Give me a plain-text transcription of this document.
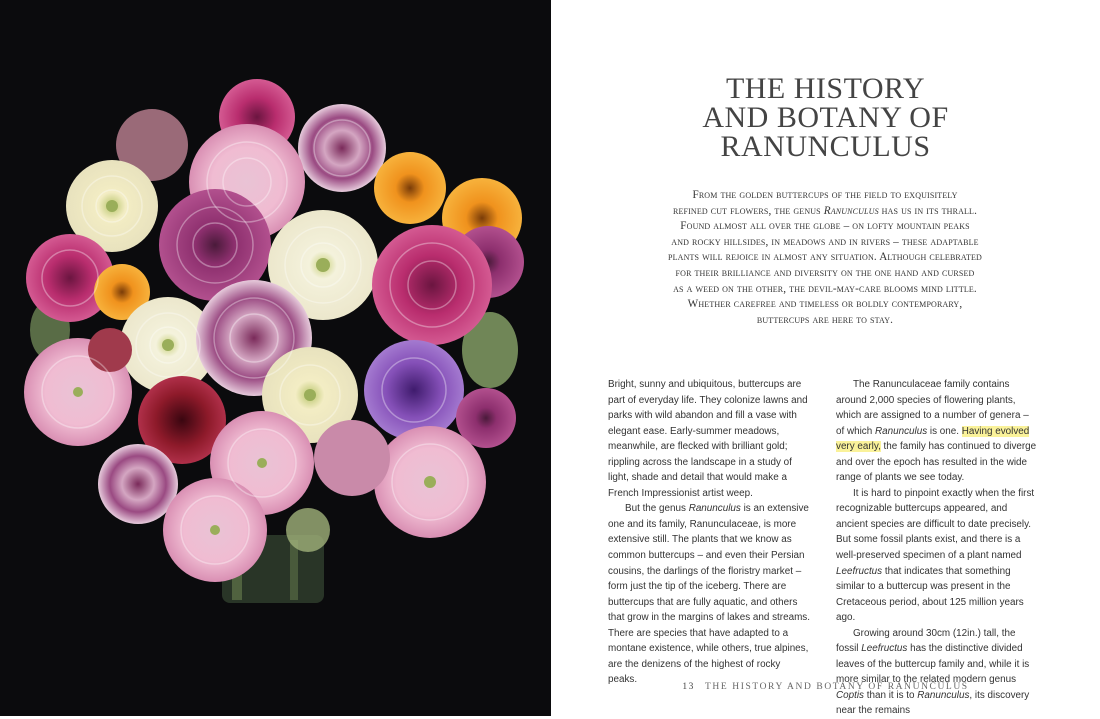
THE HISTORY
AND BOTANY OF
RANUNCULUS
From the golden buttercups of the field to exquisitely
refined cut flowers, the genus Ranunculus has us in its thrall.
Found almost all over the globe – on lofty mountain peaks
and rocky hillsides, in meadows and in rivers – these adaptable
plants will rejoice in almost any situation. Although celebrated
for their brilliance and diversity on the one hand and cursed
as a weed on the other, the devil-may-care blooms mind little.
Whether carefree and timeless or boldly contemporary,
buttercups are here to stay.

Bright, sunny and ubiquitous, buttercups are part of everyday life. They colonize lawns and parks with wild abandon and fill a vase with elegant ease. Early-summer meadows, meanwhile, are flecked with brilliant gold; rippling across the landscape in a study of light, shade and detail that would make a French Impressionist artist weep.

But the genus Ranunculus is an extensive one and its family, Ranunculaceae, is more extensive still. The plants that we know as common buttercups – and even their Persian cousins, the darlings of the floristry market – form just the tip of the iceberg. There are buttercups that are fully aquatic, and others that grow in the margins of lakes and streams. There are species that have adapted to a montane existence, while others, true alpines, are the denizens of the highest of rocky peaks.

The Ranunculaceae family contains around 2,000 species of flowering plants, which are assigned to a number of genera – of which Ranunculus is one. Having evolved very early, the family has continued to diverge and over the epoch has resulted in the wide range of plants we see today.

It is hard to pinpoint exactly when the first recognizable buttercups appeared, and ancient species are difficult to date precisely. But some fossil plants exist, and there is a well-preserved specimen of a plant named Leefructus that indicates that something similar to a buttercup was present in the Cretaceous period, about 125 million years ago.

Growing around 30cm (12in.) tall, the fossil Leefructus has the distinctive divided leaves of the buttercup family and, while it is more similar to the related modern genus Coptis than it is to Ranunculus, its discovery near the remains

13 THE HISTORY AND BOTANY OF RANUNCULUS
